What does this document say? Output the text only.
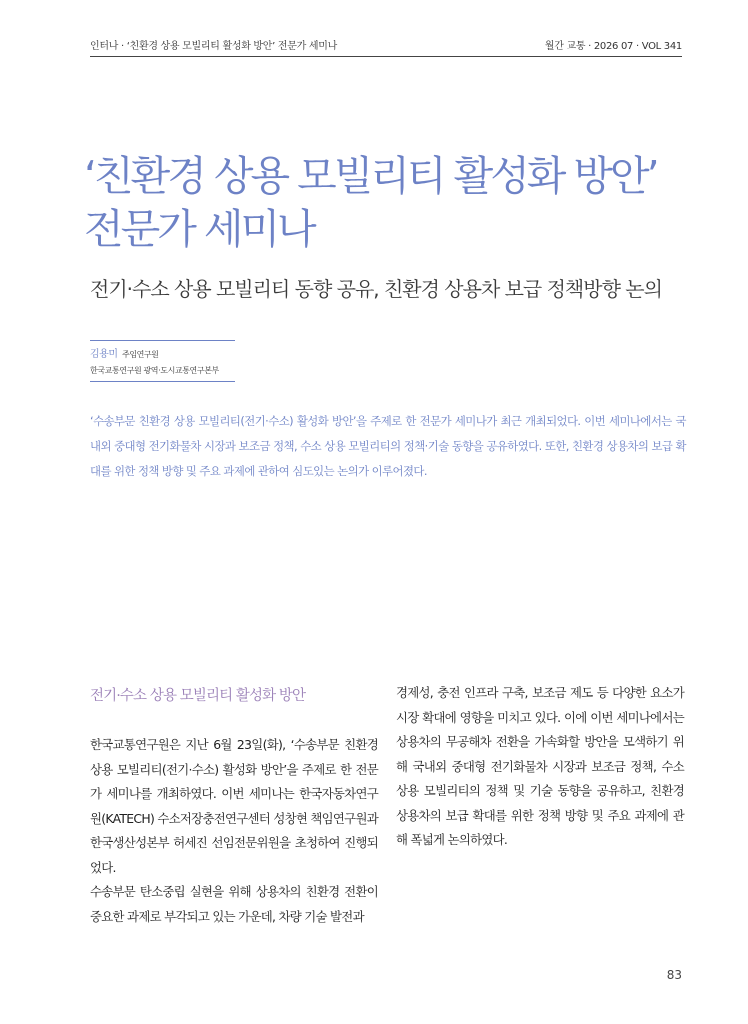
인터나 · ‘친환경 상용 모빌리티 활성화 방안’ 전문가 세미나	월간 교통 · 2026 07 · VOL 341
‘친환경 상용 모빌리티 활성화 방안’
전문가 세미나
전기·수소 상용 모빌리티 동향 공유, 친환경 상용차 보급 정책방향 논의
김용미 주임연구원
한국교통연구원 광역·도시교통연구본부

‘수송부문 친환경 상용 모빌리티(전기·수소) 활성화 방안’을 주제로 한 전문가 세미나가 최근 개최되었다. 이번 세미나에서는 국내외 중대형 전기화물차 시장과 보조금 정책, 수소 상용 모빌리티의 정책·기술 동향을 공유하였다. 또한, 친환경 상용차의 보급 확대를 위한 정책 방향 및 주요 과제에 관하여 심도있는 논의가 이루어졌다.

전기·수소 상용 모빌리티 활성화 방안

한국교통연구원은 지난 6월 23일(화), ‘수송부문 친환경 상용 모빌리티(전기·수소) 활성화 방안’을 주제로 한 전문가 세미나를 개최하였다. 이번 세미나는 한국자동차연구원(KATECH) 수소저장충전연구센터 성창현 책임연구원과 한국생산성본부 허세진 선임전문위원을 초청하여 진행되었다.

수송부문 탄소중립 실현을 위해 상용차의 친환경 전환이 중요한 과제로 부각되고 있는 가운데, 차량 기술 발전과

경제성, 충전 인프라 구축, 보조금 제도 등 다양한 요소가 시장 확대에 영향을 미치고 있다. 이에 이번 세미나에서는 상용차의 무공해차 전환을 가속화할 방안을 모색하기 위해 국내외 중대형 전기화물차 시장과 보조금 정책, 수소 상용 모빌리티의 정책 및 기술 동향을 공유하고, 친환경 상용차의 보급 확대를 위한 정책 방향 및 주요 과제에 관해 폭넓게 논의하였다.

83
